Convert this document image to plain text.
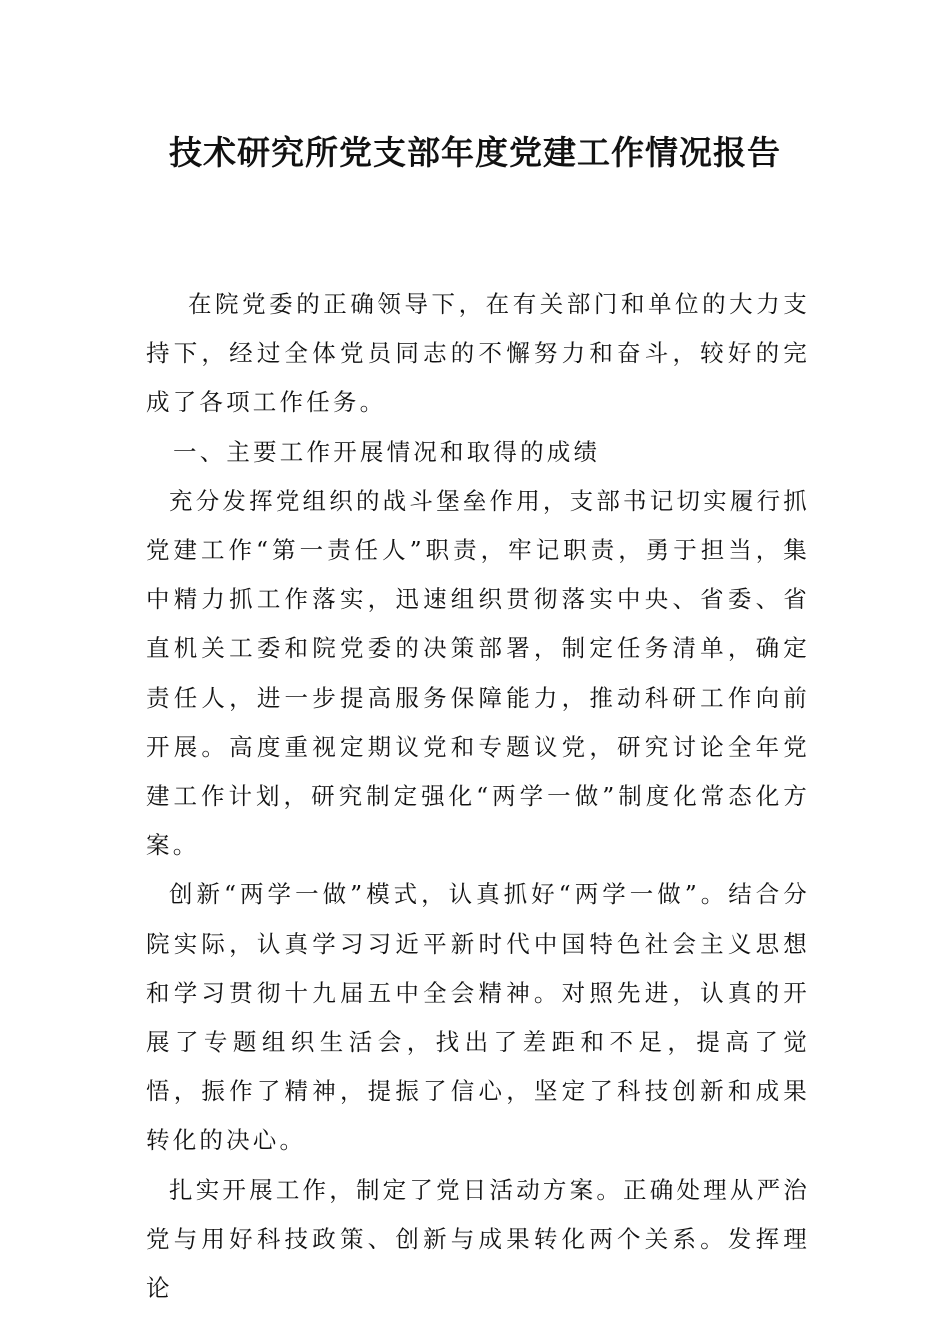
技术研究所党支部年度党建工作情况报告

在院党委的正确领导下，在有关部门和单位的大力支持下，经过全体党员同志的不懈努力和奋斗，较好的完成了各项工作任务。

一、主要工作开展情况和取得的成绩

充分发挥党组织的战斗堡垒作用，支部书记切实履行抓党建工作“第一责任人”职责，牢记职责，勇于担当，集中精力抓工作落实，迅速组织贯彻落实中央、省委、省直机关工委和院党委的决策部署，制定任务清单，确定责任人，进一步提高服务保障能力，推动科研工作向前开展。高度重视定期议党和专题议党，研究讨论全年党建工作计划，研究制定强化“两学一做”制度化常态化方案。

创新“两学一做”模式，认真抓好“两学一做”。结合分院实际，认真学习习近平新时代中国特色社会主义思想和学习贯彻十九届五中全会精神。对照先进，认真的开展了专题组织生活会，找出了差距和不足，提高了觉悟，振作了精神，提振了信心，坚定了科技创新和成果转化的决心。

扎实开展工作，制定了党日活动方案。正确处理从严治党与用好科技政策、创新与成果转化两个关系。发挥理论
